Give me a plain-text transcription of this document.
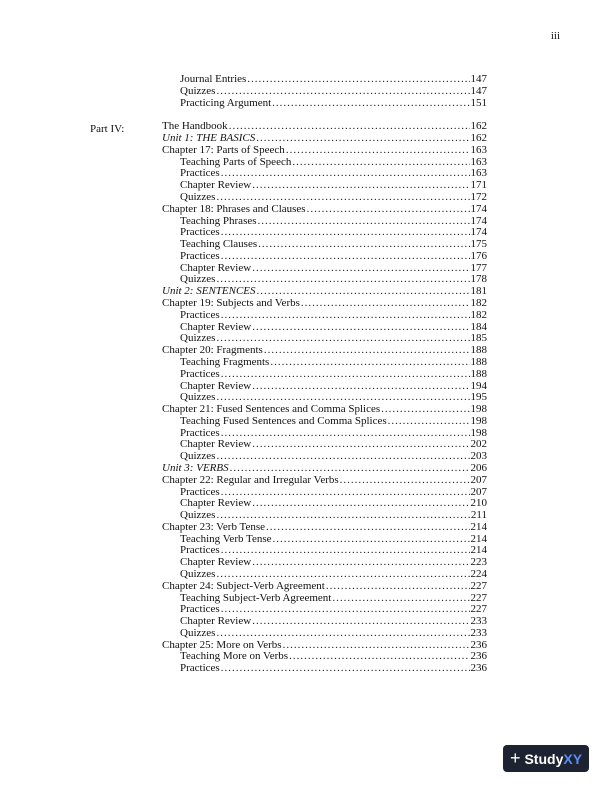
iii
Part IV:
Journal Entries .....	147
Quizzes .....	147
Practicing Argument .....	151
The Handbook .....	162
Unit 1: THE BASICS .....	162
Chapter 17: Parts of Speech .....	163
Teaching Parts of Speech .....	163
Practices .....	163
Chapter Review .....	171
Quizzes .....	172
Chapter 18: Phrases and Clauses .....	174
Teaching Phrases .....	174
Practices .....	174
Teaching Clauses .....	175
Practices .....	176
Chapter Review .....	177
Quizzes .....	178
Unit 2: SENTENCES .....	181
Chapter 19: Subjects and Verbs .....	182
Practices .....	182
Chapter Review .....	184
Quizzes .....	185
Chapter 20: Fragments .....	188
Teaching Fragments .....	188
Practices .....	188
Chapter Review .....	194
Quizzes .....	195
Chapter 21: Fused Sentences and Comma Splices .....	198
Teaching Fused Sentences and Comma Splices .....	198
Practices .....	198
Chapter Review .....	202
Quizzes .....	203
Unit 3: VERBS .....	206
Chapter 22: Regular and Irregular Verbs .....	207
Practices .....	207
Chapter Review .....	210
Quizzes .....	211
Chapter 23: Verb Tense .....	214
Teaching Verb Tense .....	214
Practices .....	214
Chapter Review .....	223
Quizzes .....	224
Chapter 24: Subject-Verb Agreement .....	227
Teaching Subject-Verb Agreement .....	227
Practices .....	227
Chapter Review .....	233
Quizzes .....	233
Chapter 25: More on Verbs .....	236
Teaching More on Verbs .....	236
Practices .....	236
+ Study XY
